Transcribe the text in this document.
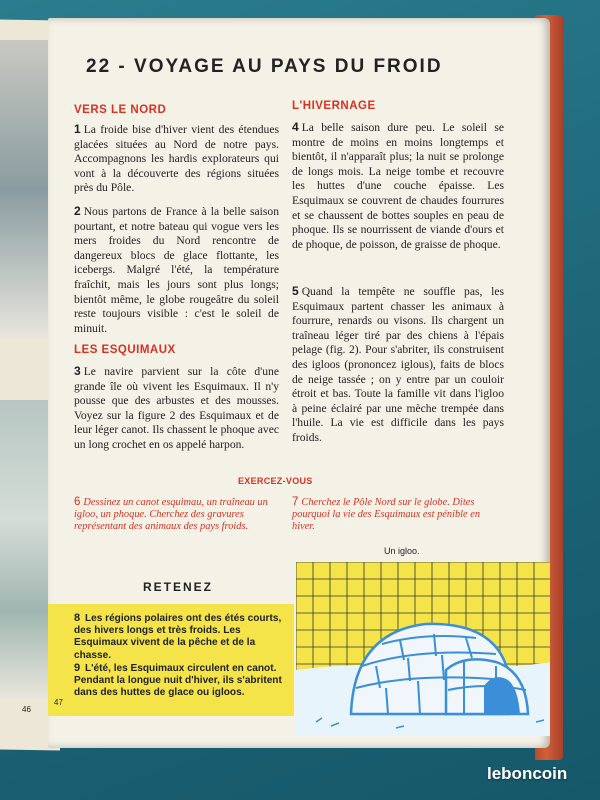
46
22 - VOYAGE AU PAYS DU FROID
VERS LE NORD
1 La froide bise d'hiver vient des étendues glacées situées au Nord de notre pays. Accompagnons les hardis explorateurs qui vont à la découverte des régions situées près du Pôle.
2 Nous partons de France à la belle saison pourtant, et notre bateau qui vogue vers les mers froides du Nord rencontre de dangereux blocs de glace flottante, les icebergs. Malgré l'été, la température fraîchit, mais les jours sont plus longs; bientôt même, le globe rougeâtre du soleil reste toujours visible : c'est le soleil de minuit.
LES ESQUIMAUX
3 Le navire parvient sur la côte d'une grande île où vivent les Esquimaux. Il n'y pousse que des arbustes et des mousses. Voyez sur la figure 2 des Esquimaux et de leur léger canot. Ils chassent le phoque avec un long crochet en os appelé harpon.
L'HIVERNAGE
4 La belle saison dure peu. Le soleil se montre de moins en moins longtemps et bientôt, il n'apparaît plus; la nuit se prolonge de longs mois. La neige tombe et recouvre les huttes d'une couche épaisse. Les Esquimaux se couvrent de chaudes fourrures et se chaussent de bottes souples en peau de phoque. Ils se nourrissent de viande d'ours et de phoque, de poisson, de graisse de phoque.
5 Quand la tempête ne souffle pas, les Esquimaux partent chasser les animaux à fourrure, renards ou visons. Ils chargent un traîneau léger tiré par des chiens à l'épais pelage (fig. 2). Pour s'abriter, ils construisent des igloos (prononcez iglous), faits de blocs de neige tassée ; on y entre par un couloir étroit et bas. Toute la famille vit dans l'igloo à peine éclairé par une mèche trempée dans l'huile. La vie est difficile dans les pays froids.
EXERCEZ-VOUS
6 Dessinez un canot esquimau, un traîneau un igloo, un phoque. Cherchez des gravures représentant des animaux des pays froids.
7 Cherchez le Pôle Nord sur le globe. Dites pourquoi la vie des Esquimaux est pénible en hiver.
RETENEZ
8 Les régions polaires ont des étés courts, des hivers longs et très froids. Les Esquimaux vivent de la pêche et de la chasse.
9 L'été, les Esquimaux circulent en canot. Pendant la longue nuit d'hiver, ils s'abritent dans des huttes de glace ou igloos.
47
Un igloo.
leboncoin
